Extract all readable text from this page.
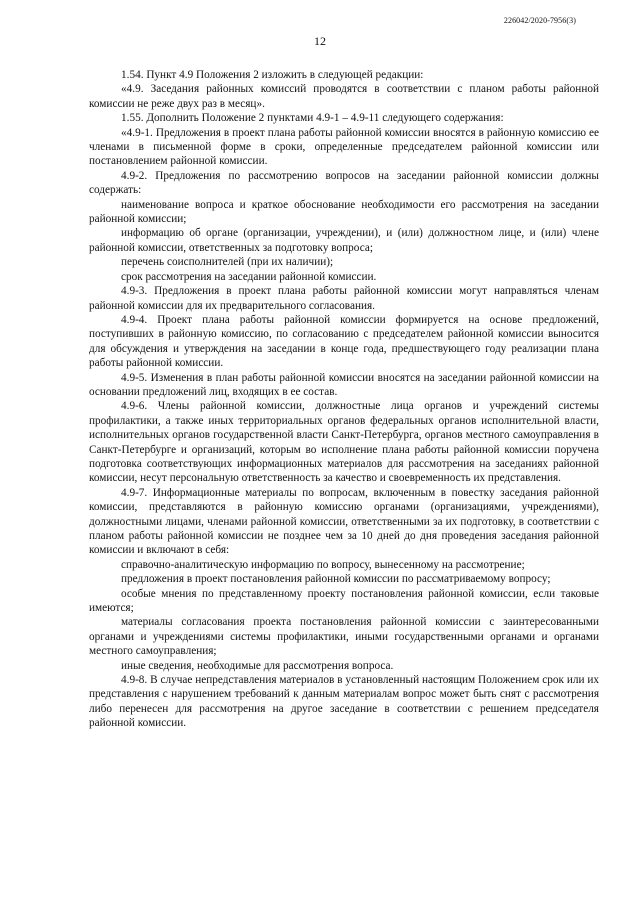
226042/2020-7956(3)
12

1.54. Пункт 4.9 Положения 2 изложить в следующей редакции:

«4.9. Заседания районных комиссий проводятся в соответствии с планом работы районной комиссии не реже двух раз в месяц».

1.55. Дополнить Положение 2 пунктами 4.9-1 – 4.9-11 следующего содержания:

«4.9-1. Предложения в проект плана работы районной комиссии вносятся в районную комиссию ее членами в письменной форме в сроки, определенные председателем районной комиссии или постановлением районной комиссии.

4.9-2. Предложения по рассмотрению вопросов на заседании районной комиссии должны содержать:

наименование вопроса и краткое обоснование необходимости его рассмотрения на заседании районной комиссии;

информацию об органе (организации, учреждении), и (или) должностном лице, и (или) члене районной комиссии, ответственных за подготовку вопроса;

перечень соисполнителей (при их наличии);

срок рассмотрения на заседании районной комиссии.

4.9-3. Предложения в проект плана работы районной комиссии могут направляться членам районной комиссии для их предварительного согласования.

4.9-4. Проект плана работы районной комиссии формируется на основе предложений, поступивших в районную комиссию, по согласованию с председателем районной комиссии выносится для обсуждения и утверждения на заседании в конце года, предшествующего году реализации плана работы районной комиссии.

4.9-5. Изменения в план работы районной комиссии вносятся на заседании районной комиссии на основании предложений лиц, входящих в ее состав.

4.9-6. Члены районной комиссии, должностные лица органов и учреждений системы профилактики, а также иных территориальных органов федеральных органов исполнительной власти, исполнительных органов государственной власти Санкт-Петербурга, органов местного самоуправления в Санкт-Петербурге и организаций, которым во исполнение плана работы районной комиссии поручена подготовка соответствующих информационных материалов для рассмотрения на заседаниях районной комиссии, несут персональную ответственность за качество и своевременность их представления.

4.9-7. Информационные материалы по вопросам, включенным в повестку заседания районной комиссии, представляются в районную комиссию органами (организациями, учреждениями), должностными лицами, членами районной комиссии, ответственными за их подготовку, в соответствии с планом работы районной комиссии не позднее чем за 10 дней до дня проведения заседания районной комиссии и включают в себя:

справочно-аналитическую информацию по вопросу, вынесенному на рассмотрение;

предложения в проект постановления районной комиссии по рассматриваемому вопросу;

особые мнения по представленному проекту постановления районной комиссии, если таковые имеются;

материалы согласования проекта постановления районной комиссии с заинтересованными органами и учреждениями системы профилактики, иными государственными органами и органами местного самоуправления;

иные сведения, необходимые для рассмотрения вопроса.

4.9-8. В случае непредставления материалов в установленный настоящим Положением срок или их представления с нарушением требований к данным материалам вопрос может быть снят с рассмотрения либо перенесен для рассмотрения на другое заседание в соответствии с решением председателя районной комиссии.
